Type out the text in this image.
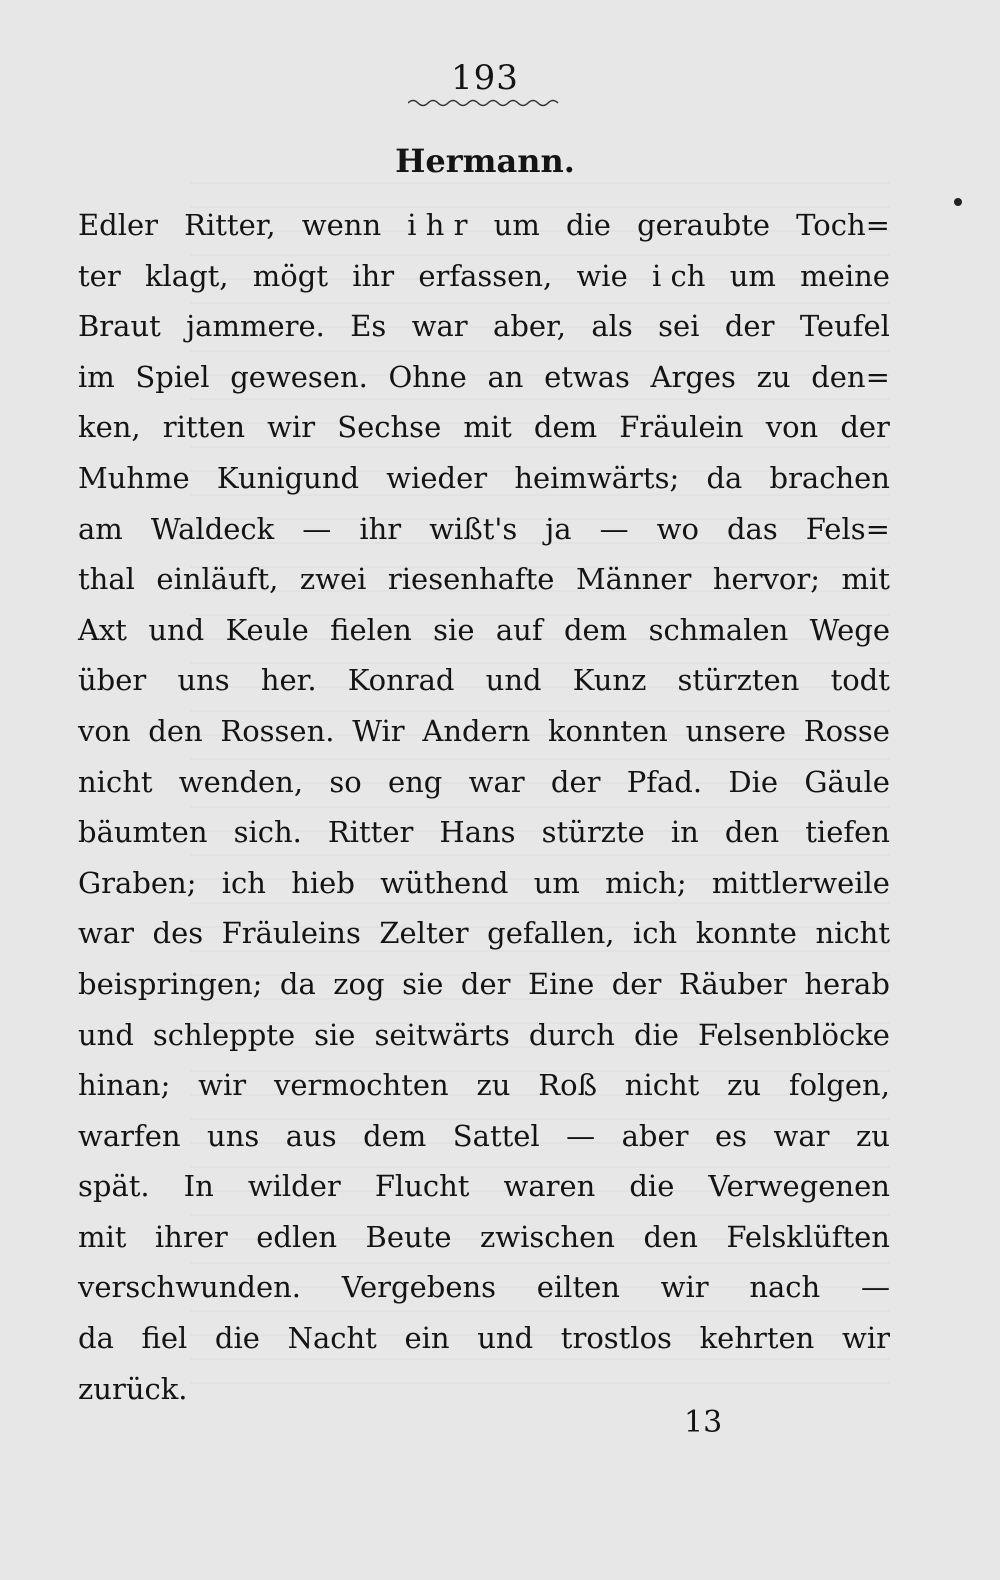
193
Hermann.
Edler Ritter, wenn i h r um die geraubte Toch=
ter klagt, mögt ihr erfassen, wie i ch um meine
Braut jammere. Es war aber, als sei der Teufel
im Spiel gewesen. Ohne an etwas Arges zu den=
ken, ritten wir Sechse mit dem Fräulein von der
Muhme Kunigund wieder heimwärts; da brachen
am Waldeck — ihr wißt's ja — wo das Fels=
thal einläuft, zwei riesenhafte Männer hervor; mit
Axt und Keule fielen sie auf dem schmalen Wege
über uns her. Konrad und Kunz stürzten todt
von den Rossen. Wir Andern konnten unsere Rosse
nicht wenden, so eng war der Pfad. Die Gäule
bäumten sich. Ritter Hans stürzte in den tiefen
Graben; ich hieb wüthend um mich; mittlerweile
war des Fräuleins Zelter gefallen, ich konnte nicht
beispringen; da zog sie der Eine der Räuber herab
und schleppte sie seitwärts durch die Felsenblöcke
hinan; wir vermochten zu Roß nicht zu folgen,
warfen uns aus dem Sattel — aber es war zu
spät. In wilder Flucht waren die Verwegenen
mit ihrer edlen Beute zwischen den Felsklüften
verschwunden. Vergebens eilten wir nach —
da fiel die Nacht ein und trostlos kehrten wir
zurück.
13
